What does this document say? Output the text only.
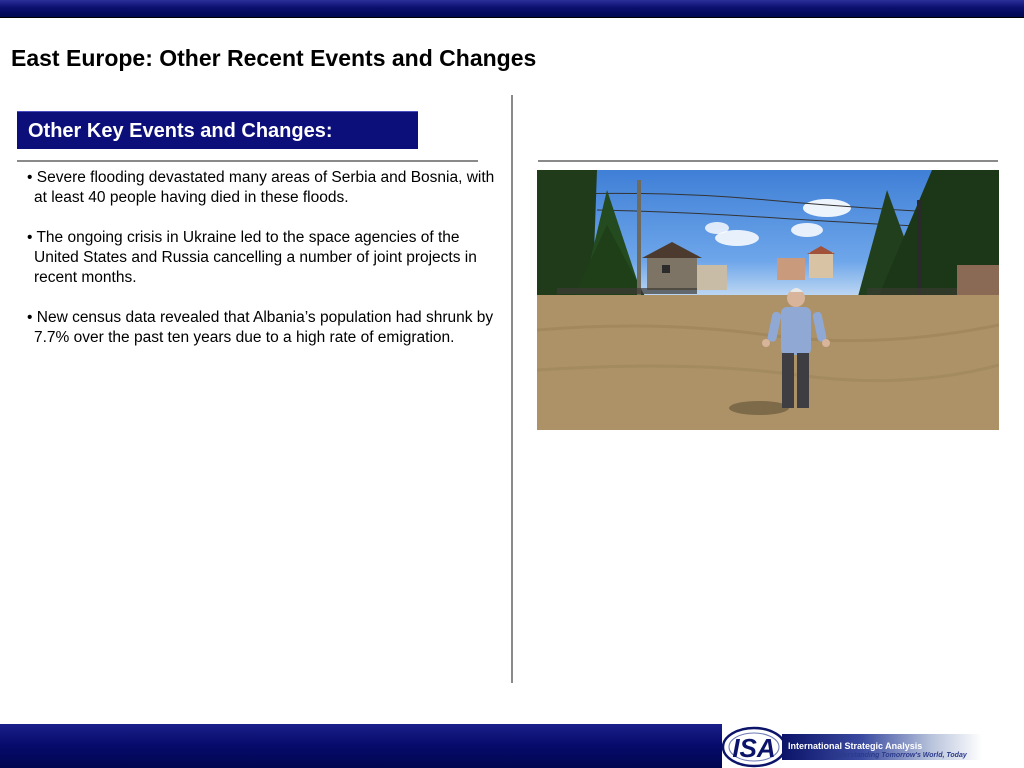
East Europe: Other Recent Events and Changes
Other Key Events and Changes:
• Severe flooding devastated many areas of Serbia and Bosnia, with at least 40 people having died in these floods.
• The ongoing crisis in Ukraine led to the space agencies of the United States and Russia cancelling a number of joint projects in recent months.
• New census data revealed that Albania’s population had shrunk by 7.7% over the past ten years due to a high rate of emigration.
ISA International Strategic Analysis
Understanding Tomorrow's World, Today
